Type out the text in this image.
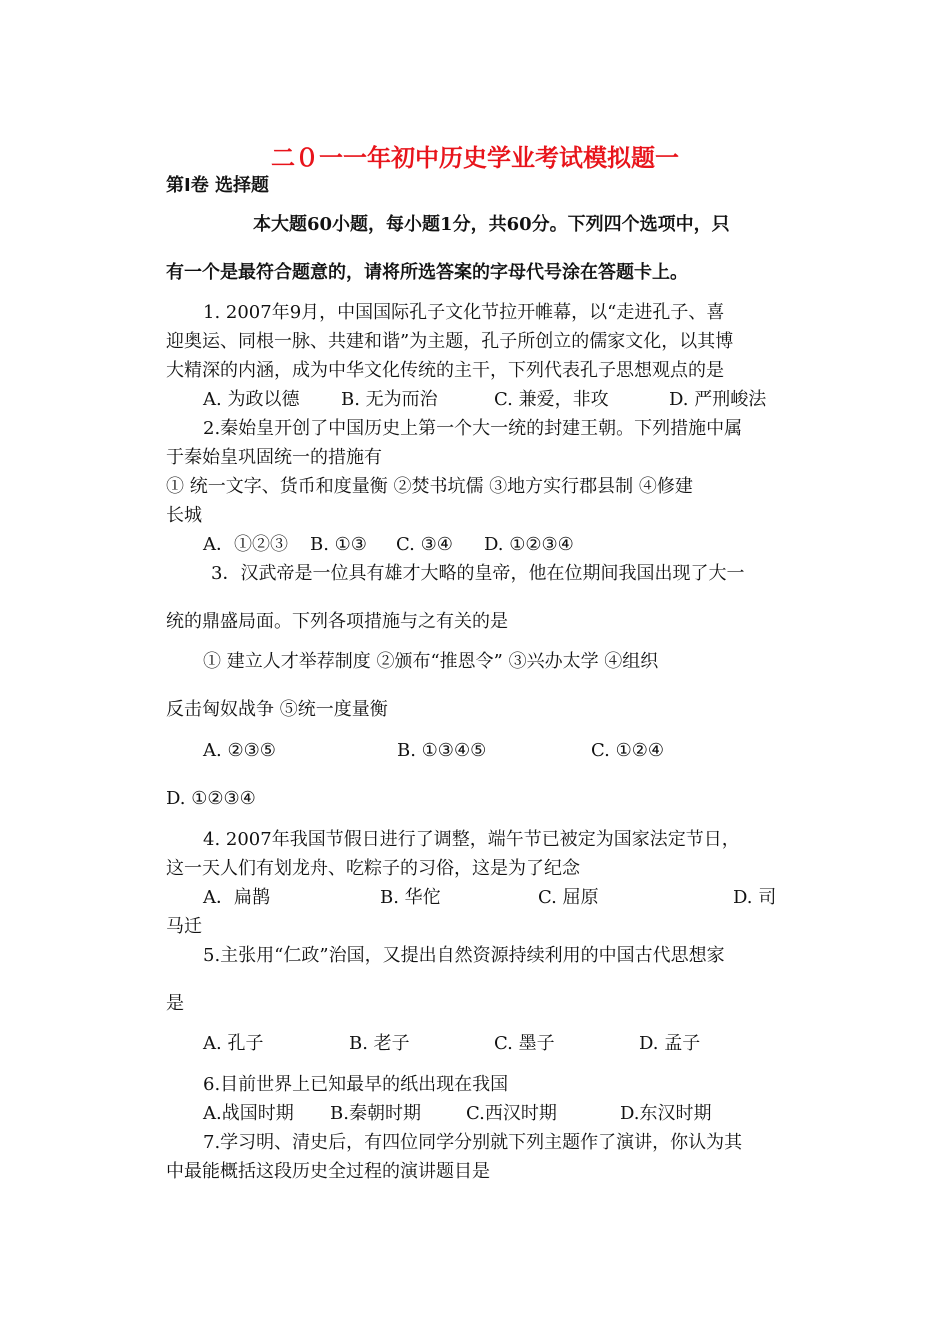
二０一一年初中历史学业考试模拟题一
第Ⅰ卷 选择题
本大题60小题，每小题1分，共60分。下列四个选项中，只
有一个是最符合题意的，请将所选答案的字母代号涂在答题卡上。
1. 2007年9月，中国国际孔子文化节拉开帷幕，以“走进孔子、喜
迎奥运、同根一脉、共建和谐”为主题，孔子所创立的儒家文化，以其博
大精深的内涵，成为中华文化传统的主干，下列代表孔子思想观点的是
A. 为政以德 B. 无为而治	C. 兼爱，非攻	D. 严刑峻法
2.秦始皇开创了中国历史上第一个大一统的封建王朝。下列措施中属
于秦始皇巩固统一的措施有
① 统一文字、货币和度量衡 ②焚书坑儒 ③地方实行郡县制 ④修建
长城
A．①②③ B. ①③ C. ③④ D. ①②③④
3．汉武帝是一位具有雄才大略的皇帝，他在位期间我国出现了大一
统的鼎盛局面。下列各项措施与之有关的是
① 建立人才举荐制度 ②颁布“推恩令” ③兴办太学 ④组织
反击匈奴战争 ⑤统一度量衡
A. ②③⑤	B. ①③④⑤	C. ①②④
D. ①②③④
4. 2007年我国节假日进行了调整，端午节已被定为国家法定节日，
这一天人们有划龙舟、吃粽子的习俗，这是为了纪念
A．扁鹊	B. 华佗	C. 屈原	D. 司
马迁
5.主张用“仁政”治国，又提出自然资源持续利用的中国古代思想家
是
A. 孔子	B. 老子	C. 墨子	D. 孟子
6.目前世界上已知最早的纸出现在我国
A.战国时期 B.秦朝时期	C.西汉时期	D.东汉时期
7.学习明、清史后，有四位同学分别就下列主题作了演讲，你认为其
中最能概括这段历史全过程的演讲题目是
